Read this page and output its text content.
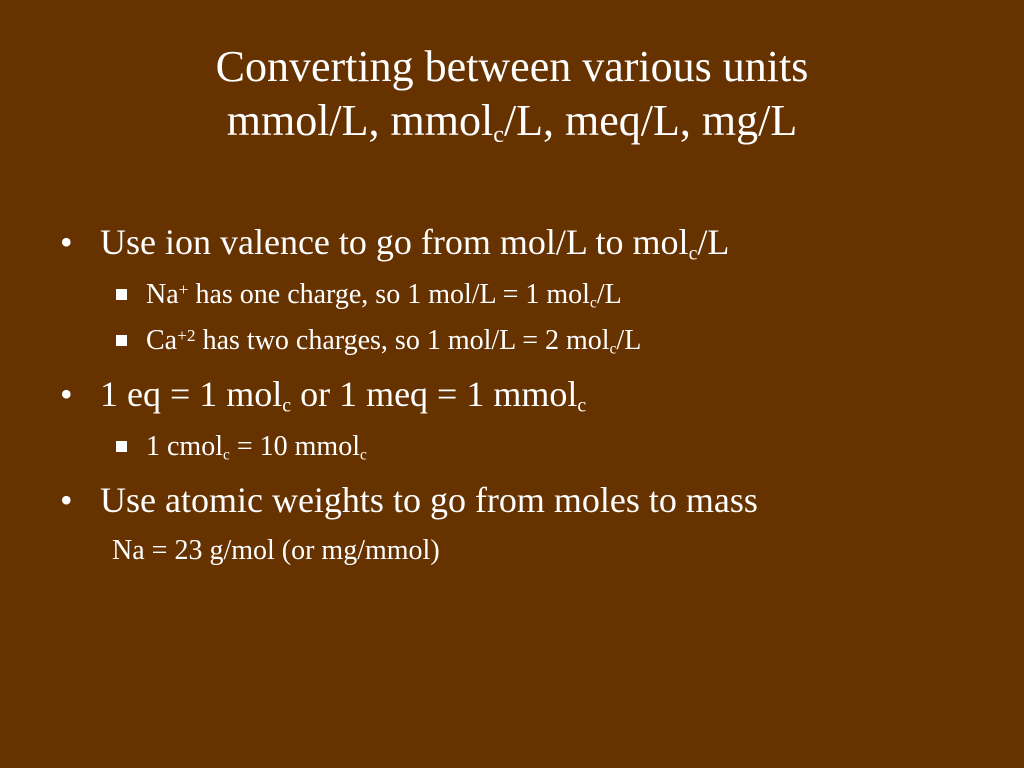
Converting between various units
mmol/L, mmol$_c$/L, meq/L, mg/L
• Use ion valence to go from mol/L to mol$_c$/L
Na+ has one charge, so 1 mol/L = 1 mol$_c$/L
$Ca^{+2}$ has two charges, so 1 mol/L = 2 mol$_c$/L
• 1 eq = 1 mol$_c$ or 1 meq = 1 mmol$_c$
1 cmol$_c$ = 10 mmol$_c$
• Use atomic weights to go from moles to mass
Na = 23 g/mol (or mg/mmol)
